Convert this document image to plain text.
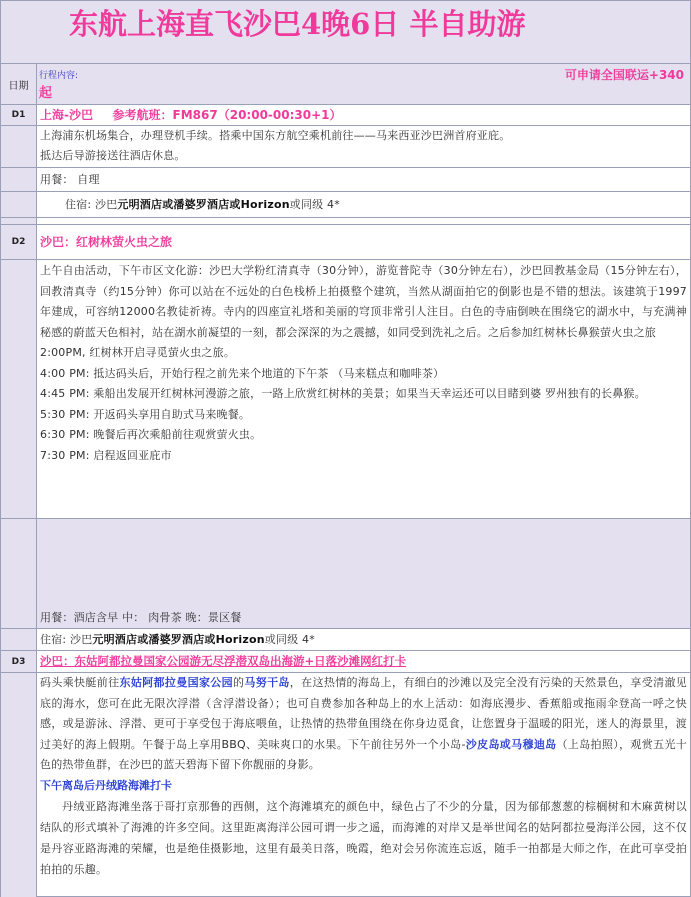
东航上海直飞沙巴4晚6日 半自助游
日期
行程内容:	可申请全国联运+340
起
D1	上海-沙巴 参考航班：FM867（20:00-00:30+1）

上海浦东机场集合，办理登机手续。搭乘中国东方航空乘机前往——马来西亚沙巴洲首府亚庇。

抵达后导游接送往酒店休息。

用餐： 自理

住宿: 沙巴元明酒店或潘婆罗酒店或Horizon或同级 4*

D2	沙巴：红树林萤火虫之旅

上午自由活动，下午市区文化游：沙巴大学粉红清真寺（30分钟），游览普陀寺（30分钟左右），沙巴回教基金局（15分钟左右），回教清真寺（约15分钟）你可以站在不远处的白色栈桥上拍摄整个建筑，当然从湖面拍它的倒影也是不错的想法。该建筑于1997年建成，可容纳12000名教徒祈祷。寺内的四座宣礼塔和美丽的穹顶非常引人注目。白色的寺庙倒映在围绕它的湖水中，与充满神秘感的蔚蓝天色相衬，站在湖水前凝望的一刻，都会深深的为之震撼，如同受到洗礼之后。之后参加红树林长鼻猴萤火虫之旅

2:00PM, 红树林开启寻觅萤火虫之旅。

4:00 PM: 抵达码头后，开始行程之前先来个地道的下午茶 （马来糕点和咖啡茶）

4:45 PM: 乘船出发展开红树林河漫游之旅，一路上欣赏红树林的美景；如果当天幸运还可以目睹到婆 罗州独有的长鼻猴。

5:30 PM: 开返码头享用自助式马来晚餐。

6:30 PM: 晚餐后再次乘船前往观赏萤火虫。

7:30 PM: 启程返回亚庇市

用餐：酒店含早 中： 肉骨茶 晚：景区餐

住宿: 沙巴元明酒店或潘婆罗酒店或Horizon或同级 4*

D3	沙巴：东姑阿都拉曼国家公园游无尽浮潜双岛出海游+日落沙滩网红打卡

码头乘快艇前往东姑阿都拉曼国家公园的马努干岛，在这热情的海岛上，有细白的沙滩以及完全没有污染的天然景色，享受清澈见底的海水，您可在此无限次浮潜（含浮潜设备）；也可自费参加各种岛上的水上活动：如海底漫步、香蕉船或拖雨伞登高一呼之快感，或是游泳、浮潜、更可于享受包于海底喂鱼，让热情的热带鱼围绕在你身边觅食，让您置身于温暖的阳光，迷人的海景里，渡过美好的海上假期。午餐于岛上享用BBQ、美味爽口的水果。下午前往另外一个小岛-沙皮岛或马穆迪岛（上岛拍照），观赏五光十色的热带鱼群，在沙巴的蓝天碧海下留下你靓丽的身影。

下午离岛后丹绒路海滩打卡

丹绒亚路海滩坐落于哥打京那鲁的西侧，这个海滩填充的颜色中，绿色占了不少的分量，因为郁郁葱葱的棕榈树和木麻黄树以结队的形式填补了海滩的许多空间。这里距离海洋公园可谓一步之遥，而海滩的对岸又是举世闻名的姑阿都拉曼海洋公园，这不仅是丹容亚路海滩的荣耀，也是绝佳摄影地，这里有最美日落，晚霞，绝对会另你流连忘返，随手一拍都是大师之作，在此可享受拍拍拍的乐趣。
